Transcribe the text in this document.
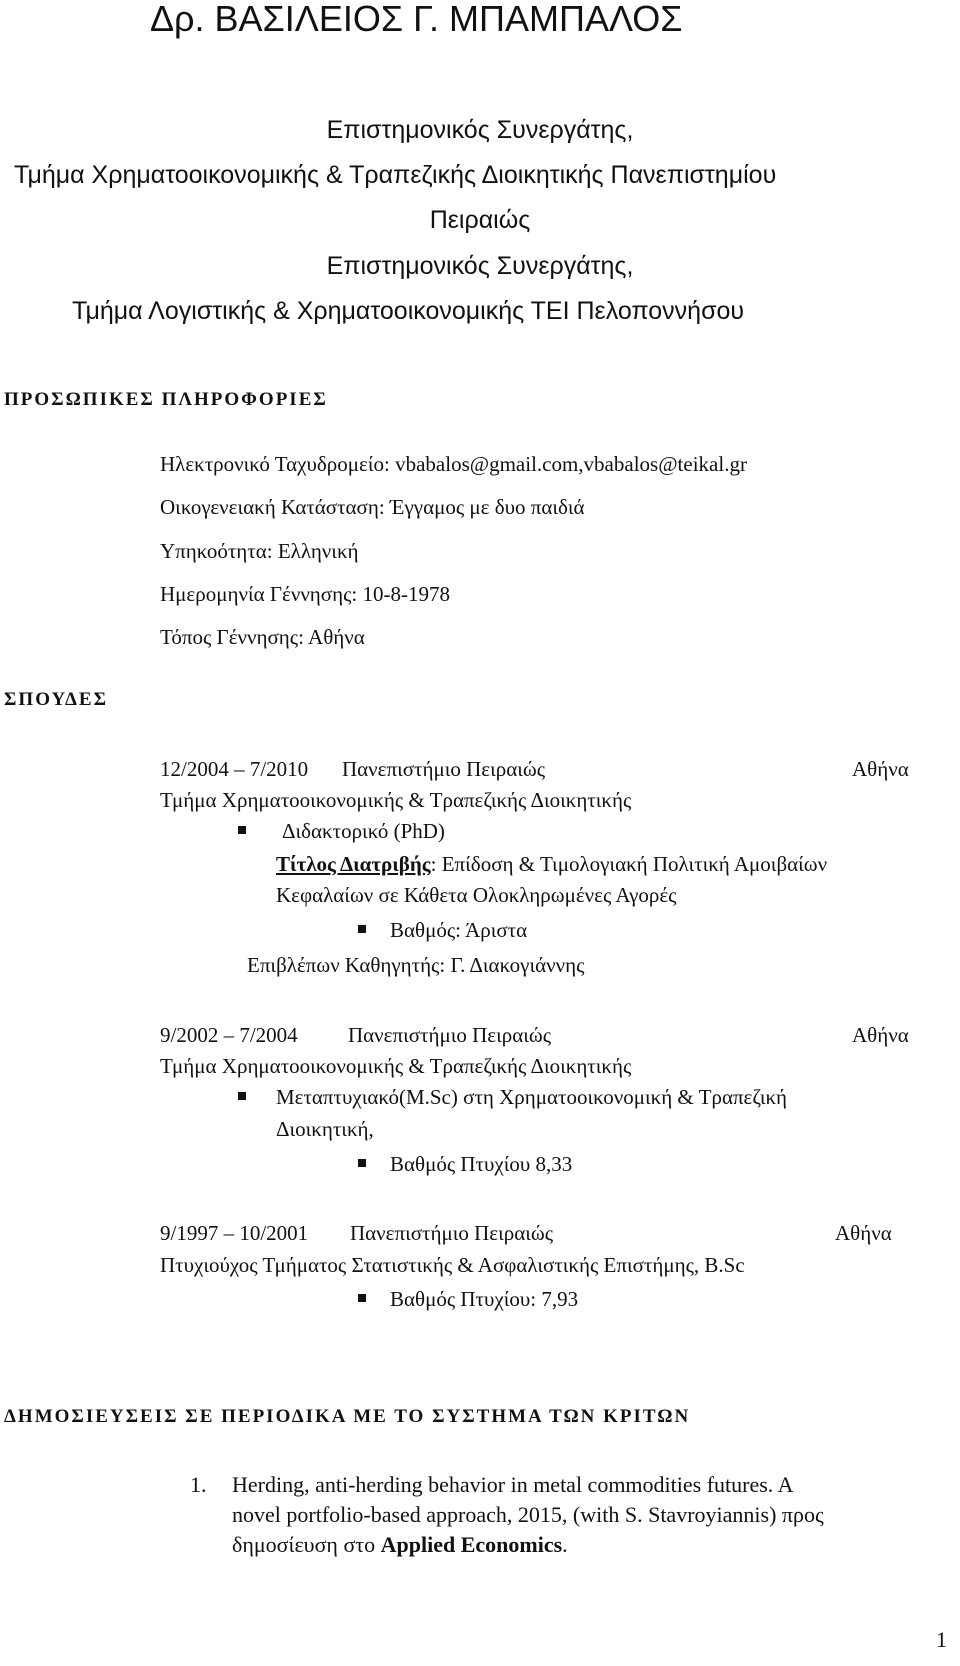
Δρ. ΒΑΣΙΛΕΙΟΣ Γ. ΜΠΑΜΠΑΛΟΣ
Επιστημονικός Συνεργάτης,
Τμήμα Χρηματοοικονομικής & Τραπεζικής Διοικητικής Πανεπιστημίου
Πειραιώς
Επιστημονικός Συνεργάτης,
Τμήμα Λογιστικής & Χρηματοοικονομικής ΤΕΙ Πελοποννήσου
ΠΡΟΣΩΠΙΚΕΣ ΠΛΗΡΟΦΟΡΙΕΣ
Ηλεκτρονικό Ταχυδρομείο: vbabalos@gmail.com,vbabalos@teikal.gr
Οικογενειακή Κατάσταση: Έγγαμος με δυο παιδιά
Υπηκοότητα: Ελληνική
Ημερομηνία Γέννησης: 10-8-1978
Τόπος Γέννησης: Αθήνα
ΣΠΟΥΔΕΣ
12/2004 – 7/2010 Πανεπιστήμιο Πειραιώς	Αθήνα
Τμήμα Χρηματοοικονομικής & Τραπεζικής Διοικητικής
Διδακτορικό (PhD)
Τίτλος Διατριβής: Επίδοση & Τιμολογιακή Πολιτική Αμοιβαίων
Κεφαλαίων σε Κάθετα Ολοκληρωμένες Αγορές
Βαθμός: Άριστα
Επιβλέπων Καθηγητής: Γ. Διακογιάννης
9/2002 – 7/2004 Πανεπιστήμιο Πειραιώς	Αθήνα
Τμήμα Χρηματοοικονομικής & Τραπεζικής Διοικητικής
Μεταπτυχιακό(M.Sc) στη Χρηματοοικονομική & Τραπεζική
Διοικητική,
Βαθμός Πτυχίου 8,33
9/1997 – 10/2001 Πανεπιστήμιο Πειραιώς	Αθήνα
Πτυχιούχος Τμήματος Στατιστικής & Ασφαλιστικής Επιστήμης, B.Sc
Βαθμός Πτυχίου: 7,93
ΔΗΜΟΣΙΕΥΣΕΙΣ ΣΕ ΠΕΡΙΟΔΙΚΑ ΜΕ ΤΟ ΣΥΣΤΗΜΑ ΤΩΝ ΚΡΙΤΩΝ
1. Herding, anti-herding behavior in metal commodities futures. A
novel portfolio-based approach, 2015, (with S. Stavroyiannis) προς
δημοσίευση στο Applied Economics.
1
